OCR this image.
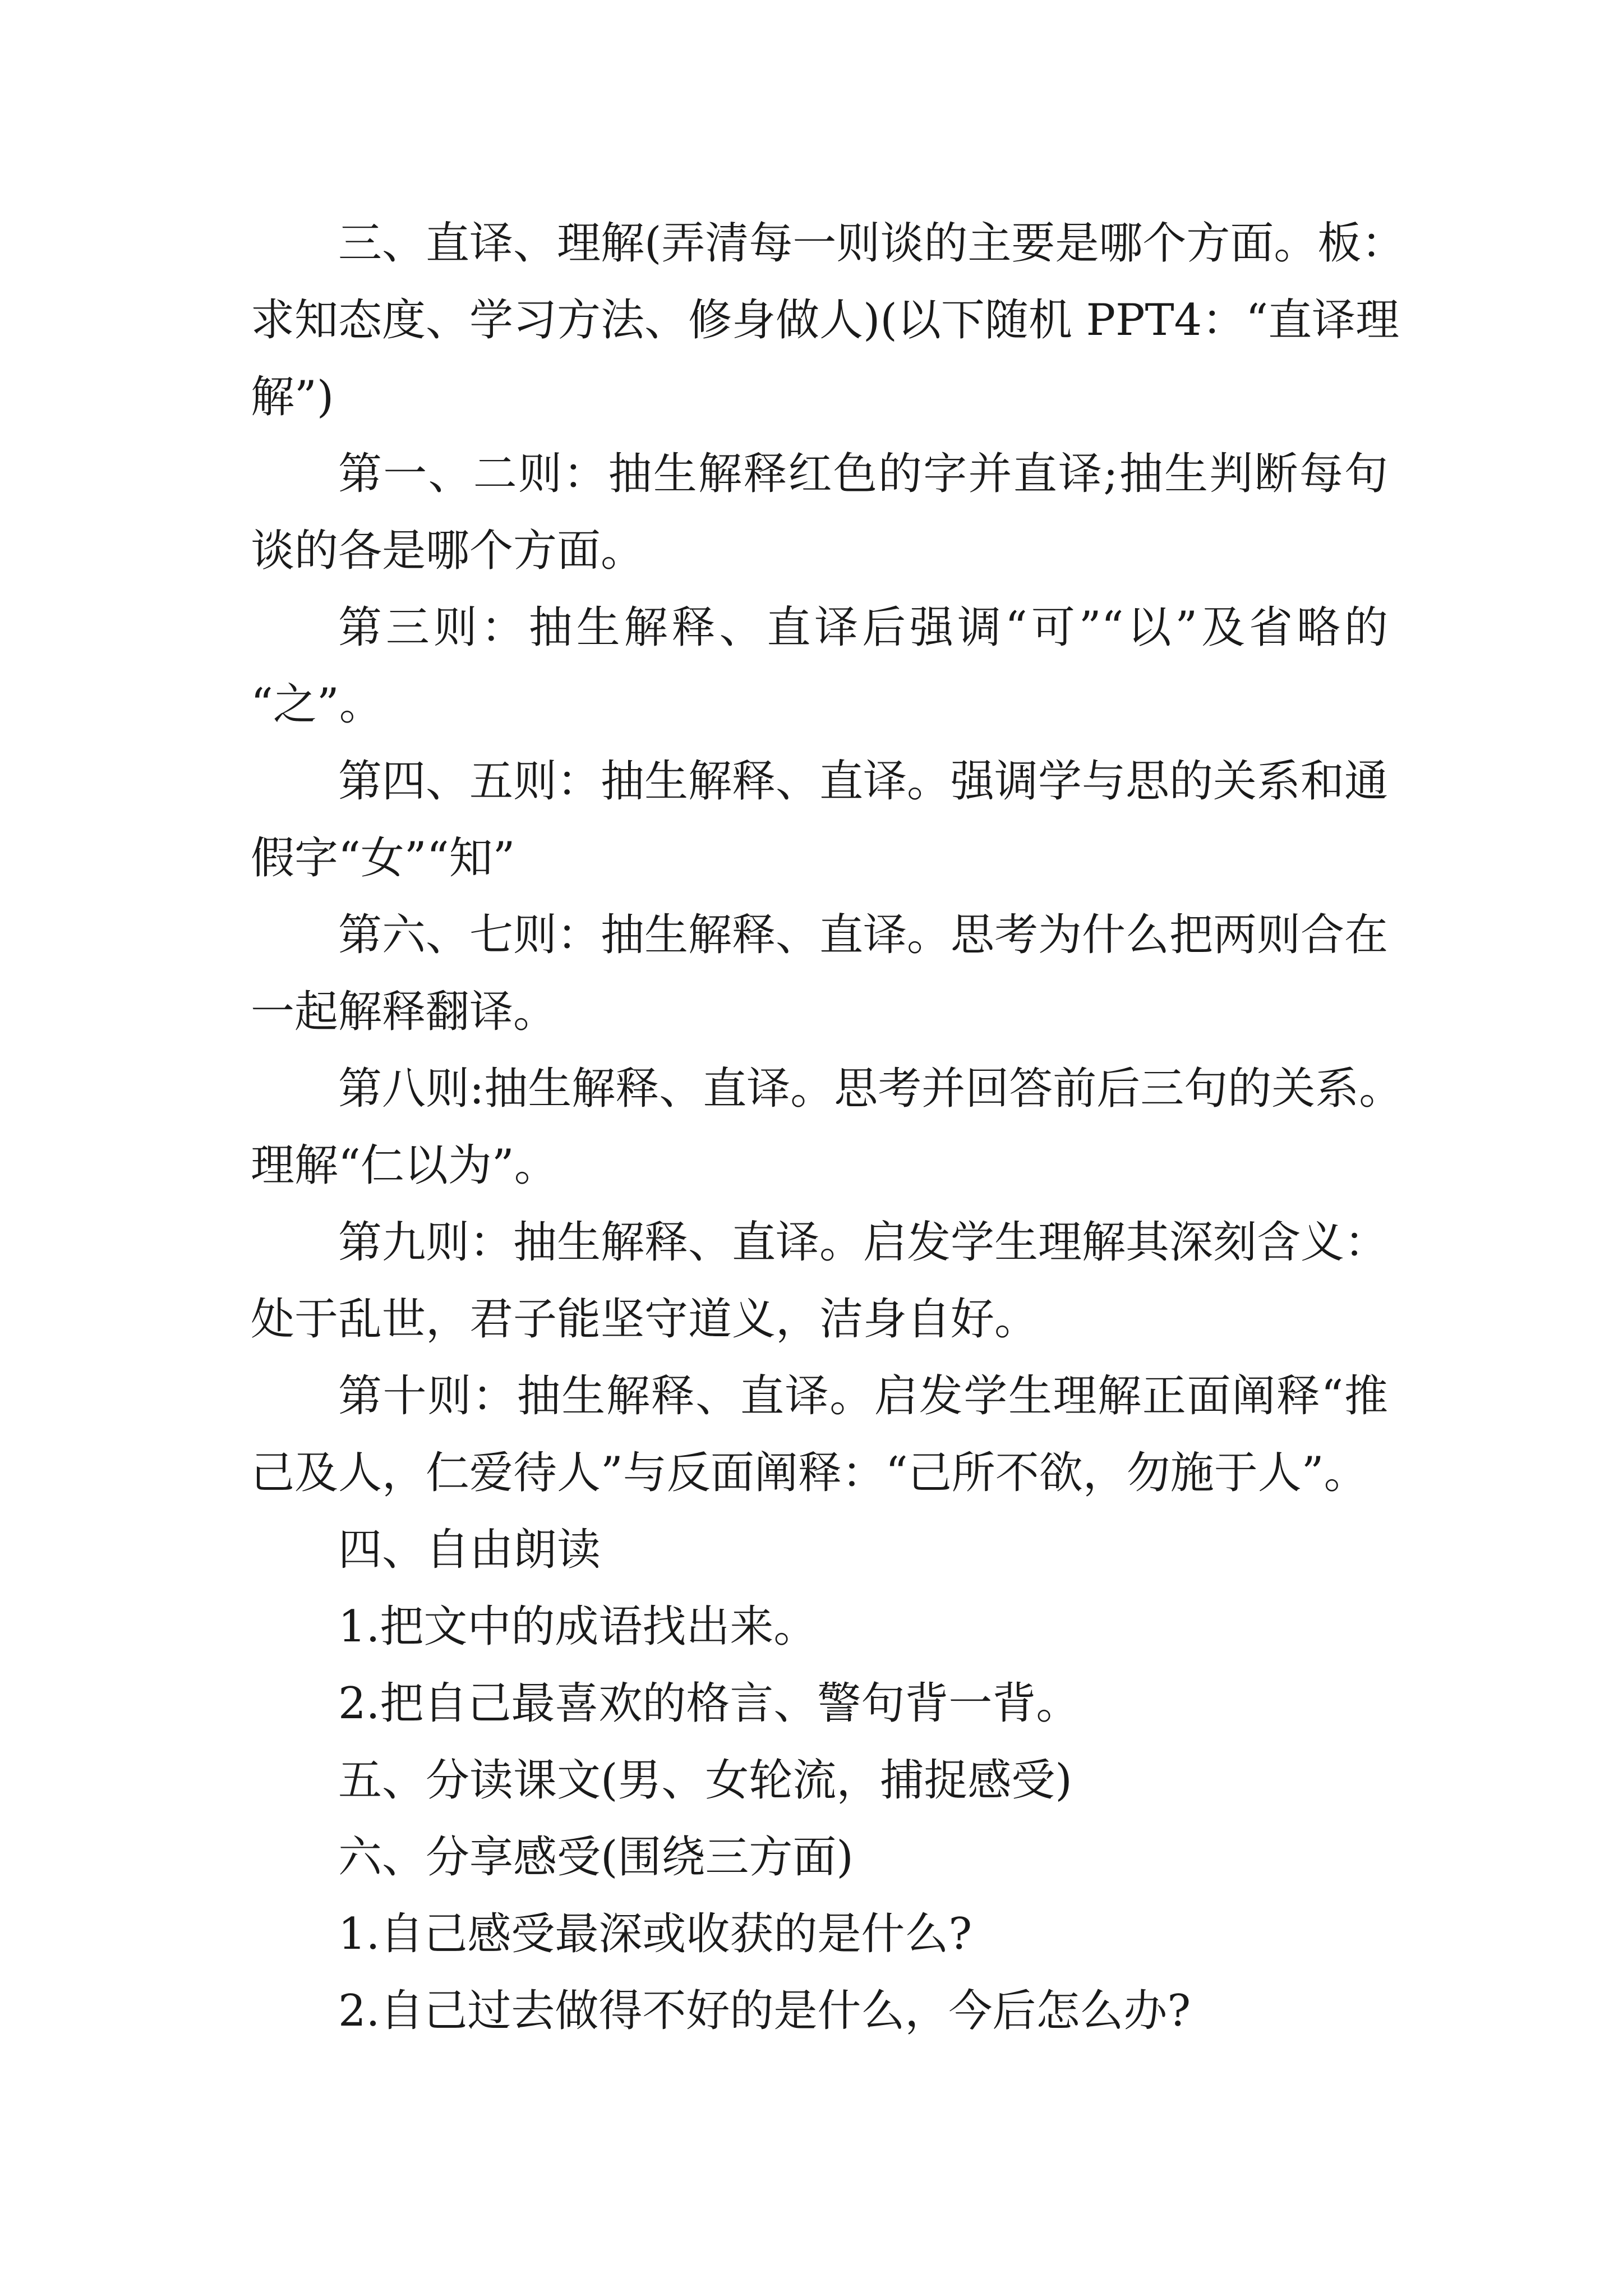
三、直译、理解(弄清每一则谈的主要是哪个方面。板：
求知态度、学习方法、修身做人)(以下随机 PPT4：“直译理
解”)
第一、二则：抽生解释红色的字并直译;抽生判断每句
谈的各是哪个方面。
第三则：抽生解释、直译后强调“可”“以”及省略的
“之”。
第四、五则：抽生解释、直译。强调学与思的关系和通
假字“女”“知”
第六、七则：抽生解释、直译。思考为什么把两则合在
一起解释翻译。
第八则:抽生解释、直译。思考并回答前后三句的关系。
理解“仁以为”。
第九则：抽生解释、直译。启发学生理解其深刻含义：
处于乱世，君子能坚守道义，洁身自好。
第十则：抽生解释、直译。启发学生理解正面阐释“推
己及人，仁爱待人”与反面阐释：“己所不欲，勿施于人”。
四、自由朗读
1.把文中的成语找出来。
2.把自己最喜欢的格言、警句背一背。
五、分读课文(男、女轮流，捕捉感受)
六、分享感受(围绕三方面)
1.自己感受最深或收获的是什么?
2.自己过去做得不好的是什么，今后怎么办?
